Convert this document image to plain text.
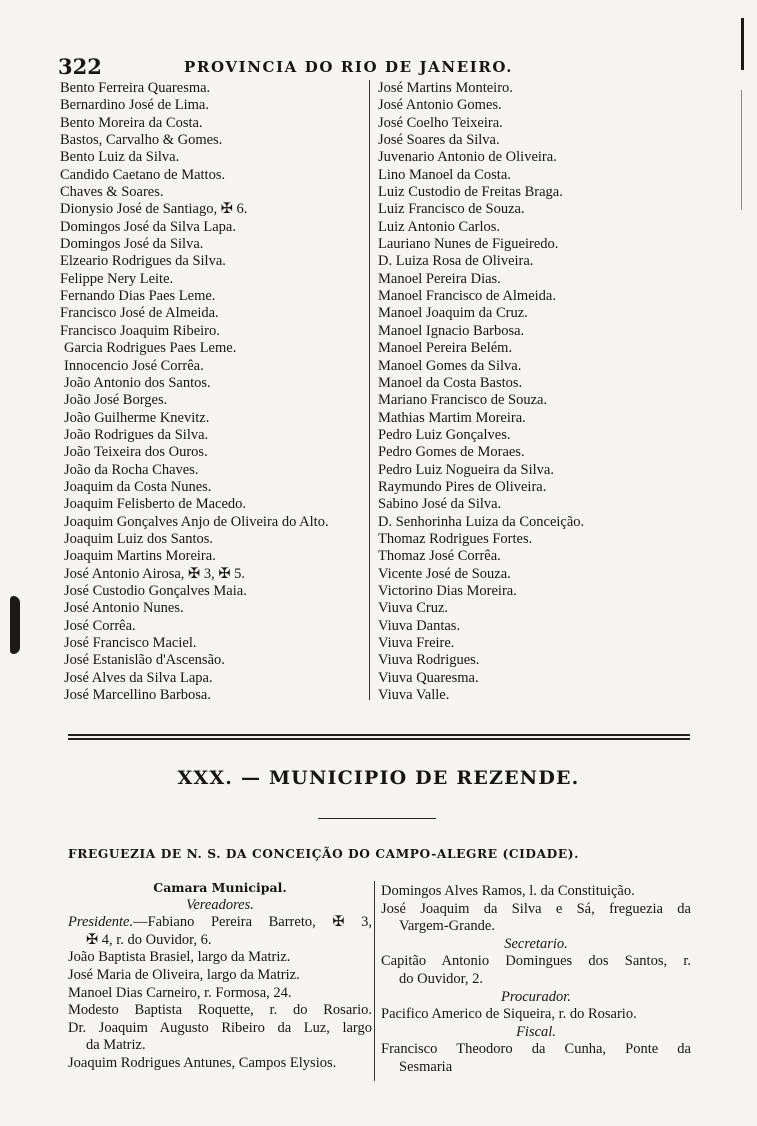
322	PROVINCIA DO RIO DE JANEIRO.
Bento Ferreira Quaresma.
Bernardino José de Lima.
Bento Moreira da Costa.
Bastos, Carvalho & Gomes.
Bento Luiz da Silva.
Candido Caetano de Mattos.
Chaves & Soares.
Dionysio José de Santiago, ✠ 6.
Domingos José da Silva Lapa.
Domingos José da Silva.
Elzeario Rodrigues da Silva.
Felippe Nery Leite.
Fernando Dias Paes Leme.
Francisco José de Almeida.
Francisco Joaquim Ribeiro.
Garcia Rodrigues Paes Leme.
Innocencio José Corrêa.
João Antonio dos Santos.
João José Borges.
João Guilherme Knevitz.
João Rodrigues da Silva.
João Teixeira dos Ouros.
João da Rocha Chaves.
Joaquim da Costa Nunes.
Joaquim Felisberto de Macedo.
Joaquim Gonçalves Anjo de Oliveira do Alto.
Joaquim Luiz dos Santos.
Joaquim Martins Moreira.
José Antonio Airosa, ✠ 3, ✠ 5.
José Custodio Gonçalves Maia.
José Antonio Nunes.
José Corrêa.
José Francisco Maciel.
José Estanislão d'Ascensão.
José Alves da Silva Lapa.
José Marcellino Barbosa.
José Martins Monteiro.
José Antonio Gomes.
José Coelho Teixeira.
José Soares da Silva.
Juvenario Antonio de Oliveira.
Lino Manoel da Costa.
Luiz Custodio de Freitas Braga.
Luiz Francisco de Souza.
Luiz Antonio Carlos.
Lauriano Nunes de Figueiredo.
D. Luiza Rosa de Oliveira.
Manoel Pereira Dias.
Manoel Francisco de Almeida.
Manoel Joaquim da Cruz.
Manoel Ignacio Barbosa.
Manoel Pereira Belém.
Manoel Gomes da Silva.
Manoel da Costa Bastos.
Mariano Francisco de Souza.
Mathias Martim Moreira.
Pedro Luiz Gonçalves.
Pedro Gomes de Moraes.
Pedro Luiz Nogueira da Silva.
Raymundo Pires de Oliveira.
Sabino José da Silva.
D. Senhorinha Luiza da Conceição.
Thomaz Rodrigues Fortes.
Thomaz José Corrêa.
Vicente José de Souza.
Victorino Dias Moreira.
Viuva Cruz.
Viuva Dantas.
Viuva Freire.
Viuva Rodrigues.
Viuva Quaresma.
Viuva Valle.
XXX. — MUNICIPIO DE REZENDE.
FREGUEZIA DE N. S. DA CONCEIÇÃO DO CAMPO-ALEGRE (CIDADE).
Camara Municipal.
Vereadores.
Presidente.—Fabiano Pereira Barreto, ✠ 3,
✠ 4, r. do Ouvidor, 6.
João Baptista Brasiel, largo da Matriz.
José Maria de Oliveira, largo da Matriz.
Manoel Dias Carneiro, r. Formosa, 24.
Modesto Baptista Roquette, r. do Rosario.
Dr. Joaquim Augusto Ribeiro da Luz, largo
da Matriz.
Joaquim Rodrigues Antunes, Campos Elysios.
Domingos Alves Ramos, l. da Constituição.
José Joaquim da Silva e Sá, freguezia da
Vargem-Grande.
Secretario.
Capitão Antonio Domingues dos Santos, r.
do Ouvidor, 2.
Procurador.
Pacifico Americo de Siqueira, r. do Rosario.
Fiscal.
Francisco Theodoro da Cunha, Ponte da
Sesmaria
